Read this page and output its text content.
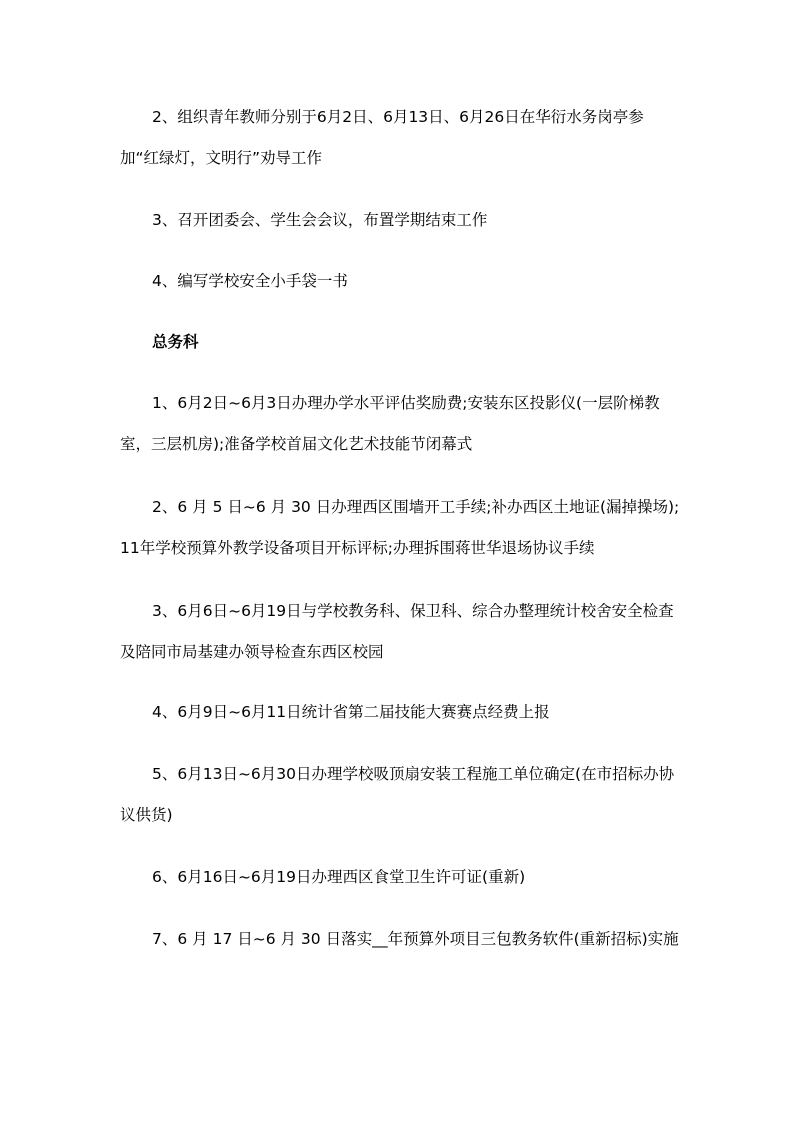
2、组织青年教师分别于6月2日、6月13日、6月26日在华衍水务岗亭参加“红绿灯，文明行”劝导工作

3、召开团委会、学生会会议，布置学期结束工作

4、编写学校安全小手袋一书

总务科

1、6月2日~6月3日办理办学水平评估奖励费;安装东区投影仪(一层阶梯教室，三层机房);准备学校首届文化艺术技能节闭幕式

2、6 月 5 日~6 月 30 日办理西区围墙开工手续;补办西区土地证(漏掉操场);11年学校预算外教学设备项目开标评标;办理拆围蒋世华退场协议手续

3、6月6日~6月19日与学校教务科、保卫科、综合办整理统计校舍安全检查及陪同市局基建办领导检查东西区校园

4、6月9日~6月11日统计省第二届技能大赛赛点经费上报

5、6月13日~6月30日办理学校吸顶扇安装工程施工单位确定(在市招标办协议供货)

6、6月16日~6月19日办理西区食堂卫生许可证(重新)

7、6 月 17 日~6 月 30 日落实__年预算外项目三包教务软件(重新招标)实施
